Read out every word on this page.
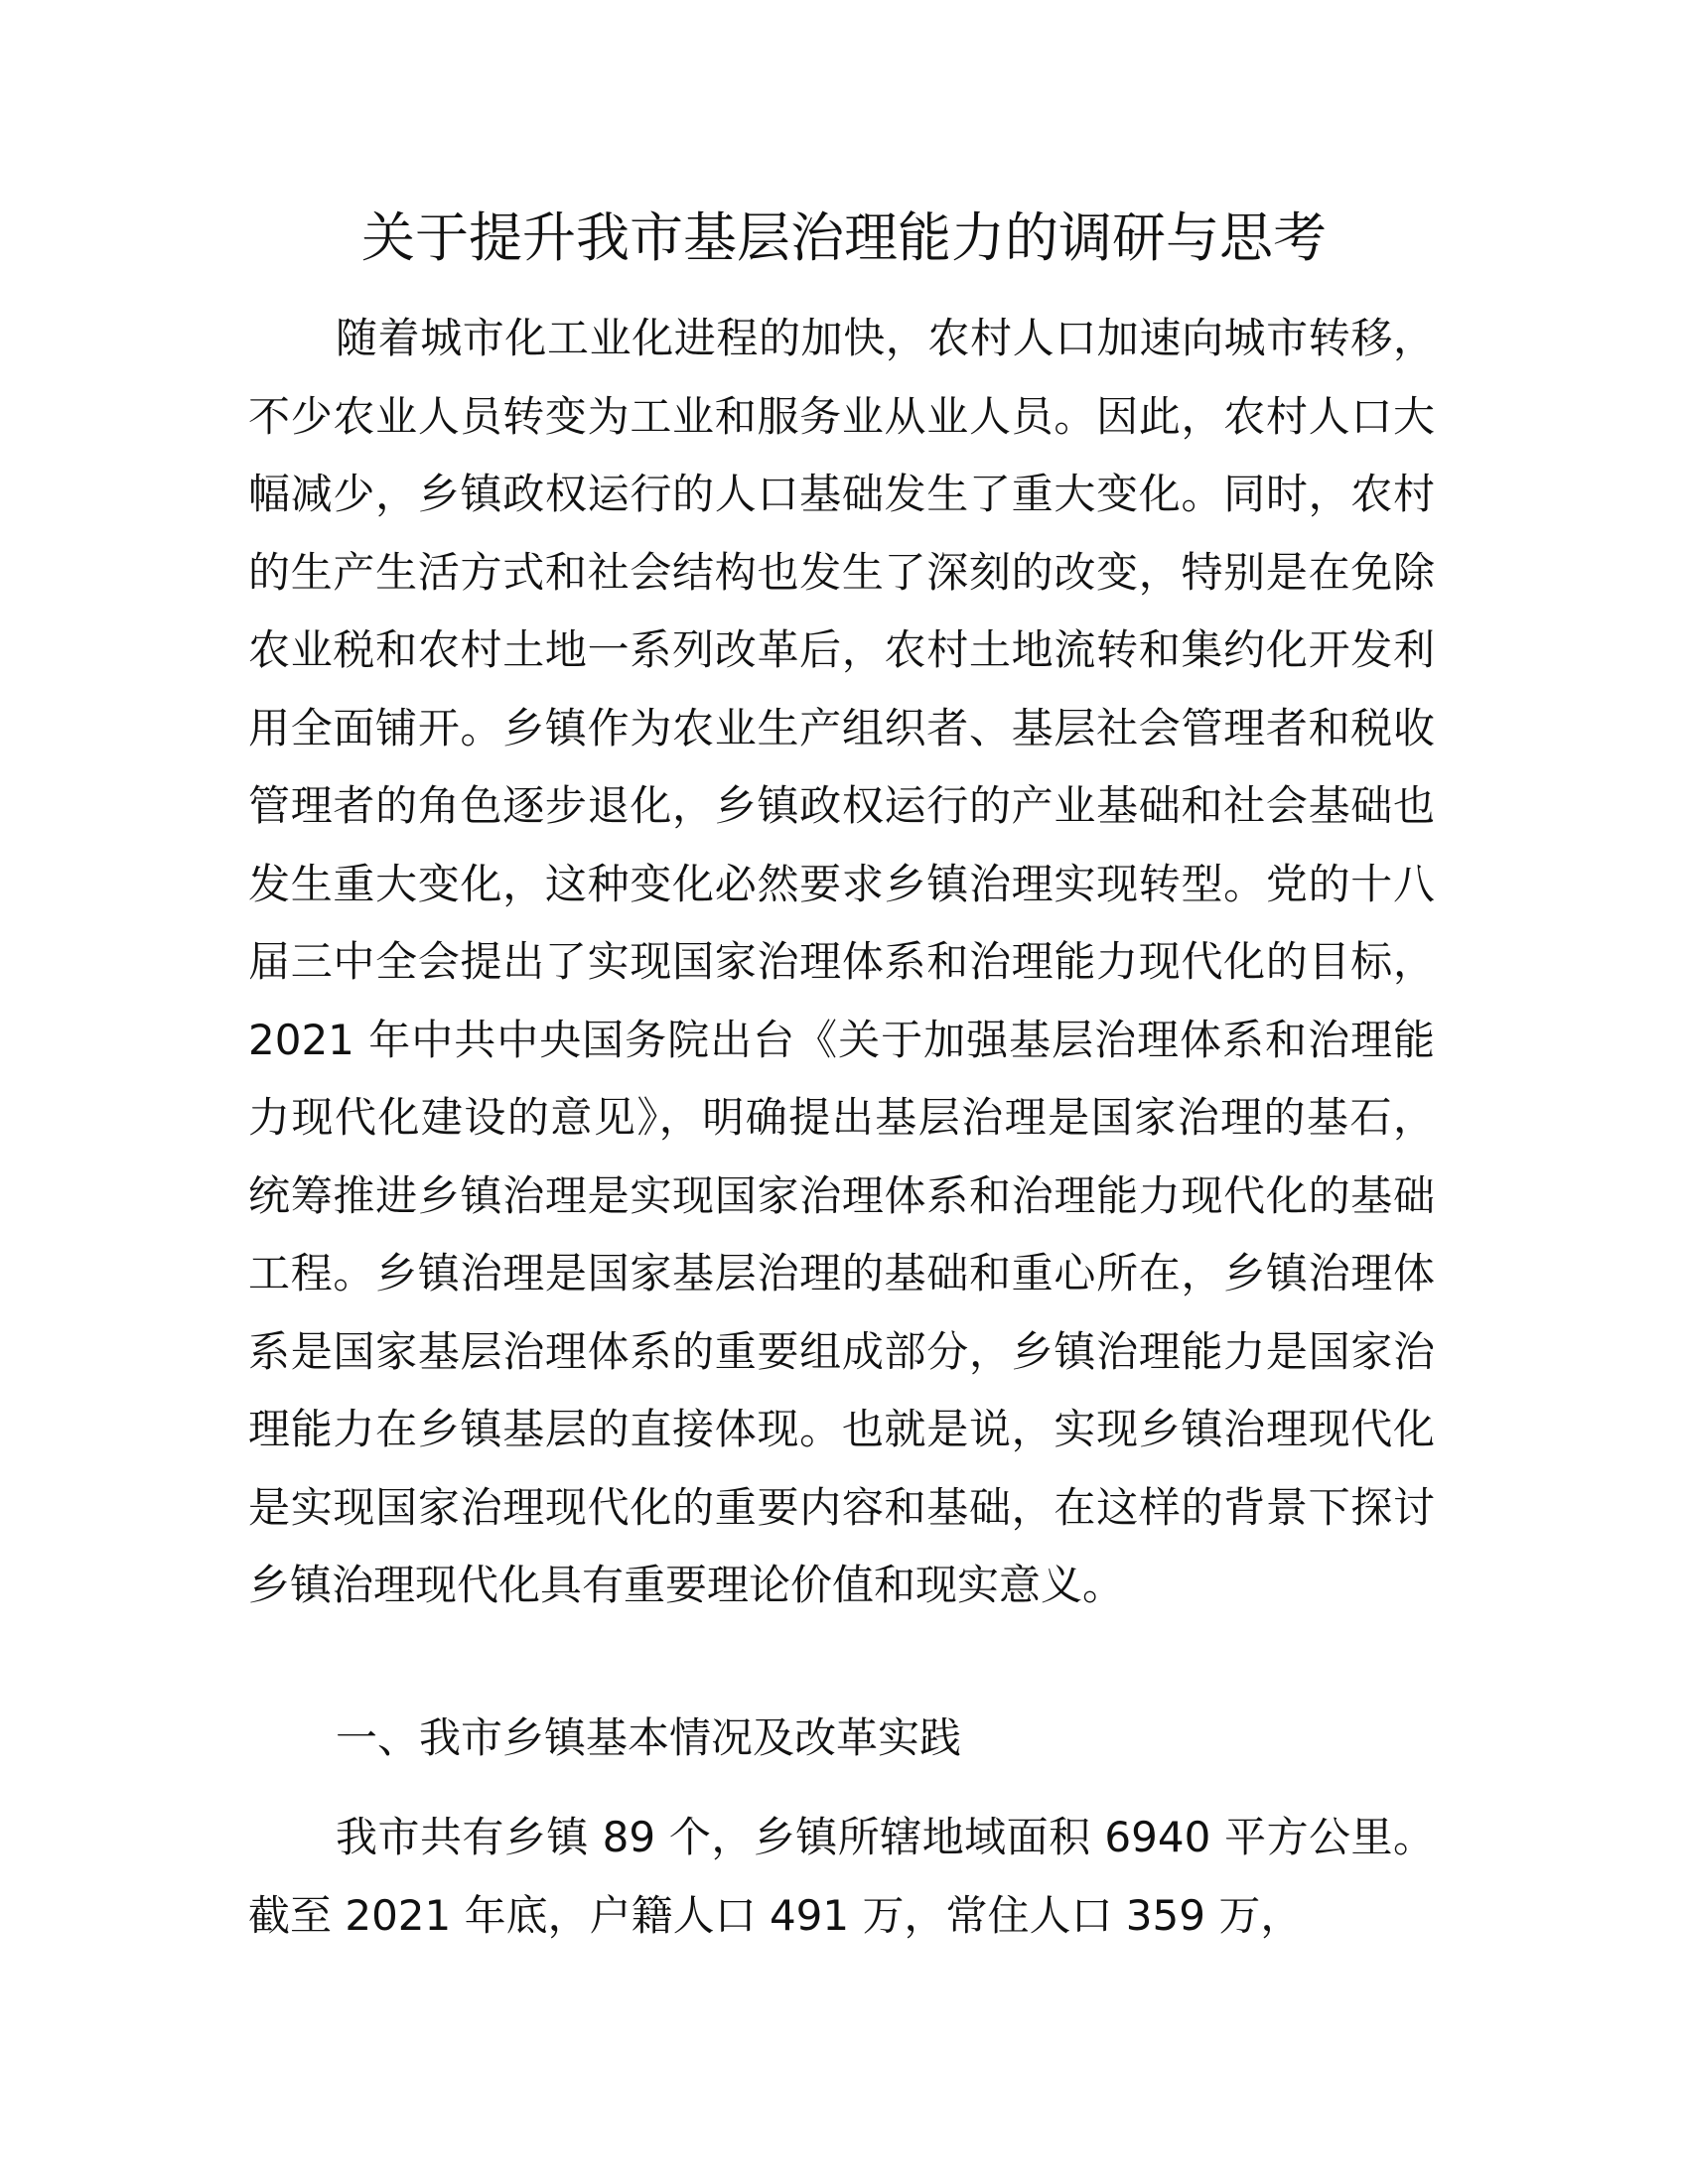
关于提升我市基层治理能力的调研与思考

随着城市化工业化进程的加快，农村人口加速向城市转移，不少农业人员转变为工业和服务业从业人员。因此，农村人口大幅减少，乡镇政权运行的人口基础发生了重大变化。同时，农村的生产生活方式和社会结构也发生了深刻的改变，特别是在免除农业税和农村土地一系列改革后，农村土地流转和集约化开发利用全面铺开。乡镇作为农业生产组织者、基层社会管理者和税收管理者的角色逐步退化，乡镇政权运行的产业基础和社会基础也发生重大变化，这种变化必然要求乡镇治理实现转型。党的十八届三中全会提出了实现国家治理体系和治理能力现代化的目标，2021 年中共中央国务院出台《关于加强基层治理体系和治理能力现代化建设的意见》，明确提出基层治理是国家治理的基石，统筹推进乡镇治理是实现国家治理体系和治理能力现代化的基础工程。乡镇治理是国家基层治理的基础和重心所在，乡镇治理体系是国家基层治理体系的重要组成部分，乡镇治理能力是国家治理能力在乡镇基层的直接体现。也就是说，实现乡镇治理现代化是实现国家治理现代化的重要内容和基础，在这样的背景下探讨乡镇治理现代化具有重要理论价值和现实意义。

一、我市乡镇基本情况及改革实践

我市共有乡镇 89 个，乡镇所辖地域面积 6940 平方公里。截至 2021 年底，户籍人口 491 万，常住人口 359 万，
